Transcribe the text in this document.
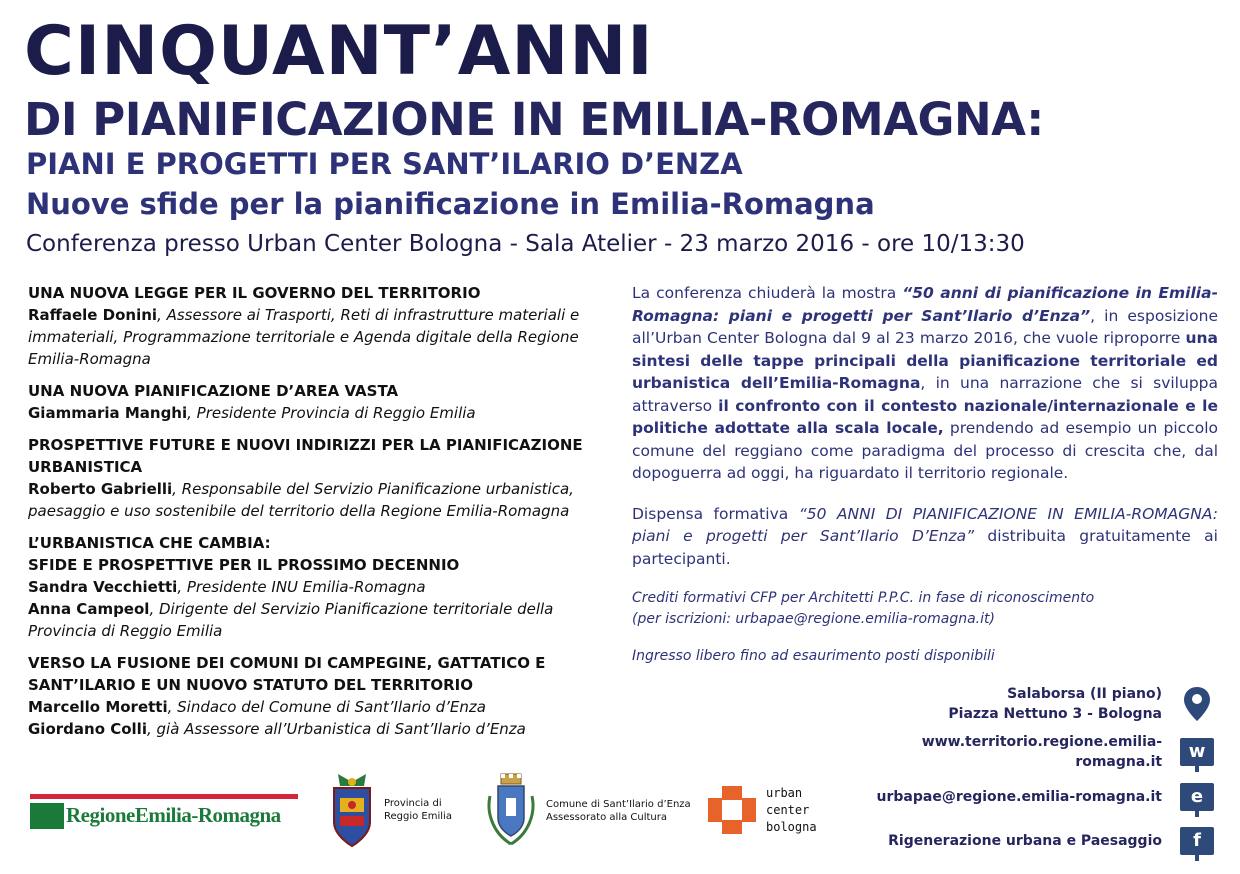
CINQUANT’ANNI
DI PIANIFICAZIONE IN EMILIA-ROMAGNA:
PIANI E PROGETTI PER SANT’ILARIO D’ENZA
Nuove sfide per la pianificazione in Emilia-Romagna
Conferenza presso Urban Center Bologna - Sala Atelier - 23 marzo 2016 - ore 10/13:30
UNA NUOVA LEGGE PER IL GOVERNO DEL TERRITORIO
Raffaele Donini, Assessore ai Trasporti, Reti di infrastrutture materiali e immateriali, Programmazione territoriale e Agenda digitale della Regione Emilia-Romagna
UNA NUOVA PIANIFICAZIONE D’AREA VASTA
Giammaria Manghi, Presidente Provincia di Reggio Emilia
PROSPETTIVE FUTURE E NUOVI INDIRIZZI PER LA PIANIFICAZIONE URBANISTICA
Roberto Gabrielli, Responsabile del Servizio Pianificazione urbanistica, paesaggio e uso sostenibile del territorio della Regione Emilia-Romagna
L’URBANISTICA CHE CAMBIA:
SFIDE E PROSPETTIVE PER IL PROSSIMO DECENNIO
Sandra Vecchietti, Presidente INU Emilia-Romagna
Anna Campeol, Dirigente del Servizio Pianificazione territoriale della Provincia di Reggio Emilia
VERSO LA FUSIONE DEI COMUNI DI CAMPEGINE, GATTATICO E SANT’ILARIO E UN NUOVO STATUTO DEL TERRITORIO
Marcello Moretti, Sindaco del Comune di Sant’Ilario d’Enza
Giordano Colli, già Assessore all’Urbanistica di Sant’Ilario d’Enza

La conferenza chiuderà la mostra “50 anni di pianificazione in Emilia-Romagna: piani e progetti per Sant’Ilario d’Enza”, in esposizione all’Urban Center Bologna dal 9 al 23 marzo 2016, che vuole riproporre una sintesi delle tappe principali della pianificazione territoriale ed urbanistica dell’Emilia-Romagna, in una narrazione che si sviluppa attraverso il confronto con il contesto nazionale/internazionale e le politiche adottate alla scala locale, prendendo ad esempio un piccolo comune del reggiano come paradigma del processo di crescita che, dal dopoguerra ad oggi, ha riguardato il territorio regionale.

Dispensa formativa “50 ANNI DI PIANIFICAZIONE IN EMILIA-ROMAGNA: piani e progetti per Sant’Ilario D’Enza” distribuita gratuitamente ai partecipanti.

Crediti formativi CFP per Architetti P.P.C. in fase di riconoscimento
(per iscrizioni: urbapae@regione.emilia-romagna.it)

Ingresso libero fino ad esaurimento posti disponibili

Salaborsa (II piano)
Piazza Nettuno 3 - Bologna
www.territorio.regione.emilia-romagna.it	w
urbapae@regione.emilia-romagna.it	e
Rigenerazione urbana e Paesaggio	f
RegioneEmilia-Romagna	Provincia di
Reggio Emilia
Comune di Sant’Ilario d’Enza
Assessorato alla Cultura
urban
center
bologna
